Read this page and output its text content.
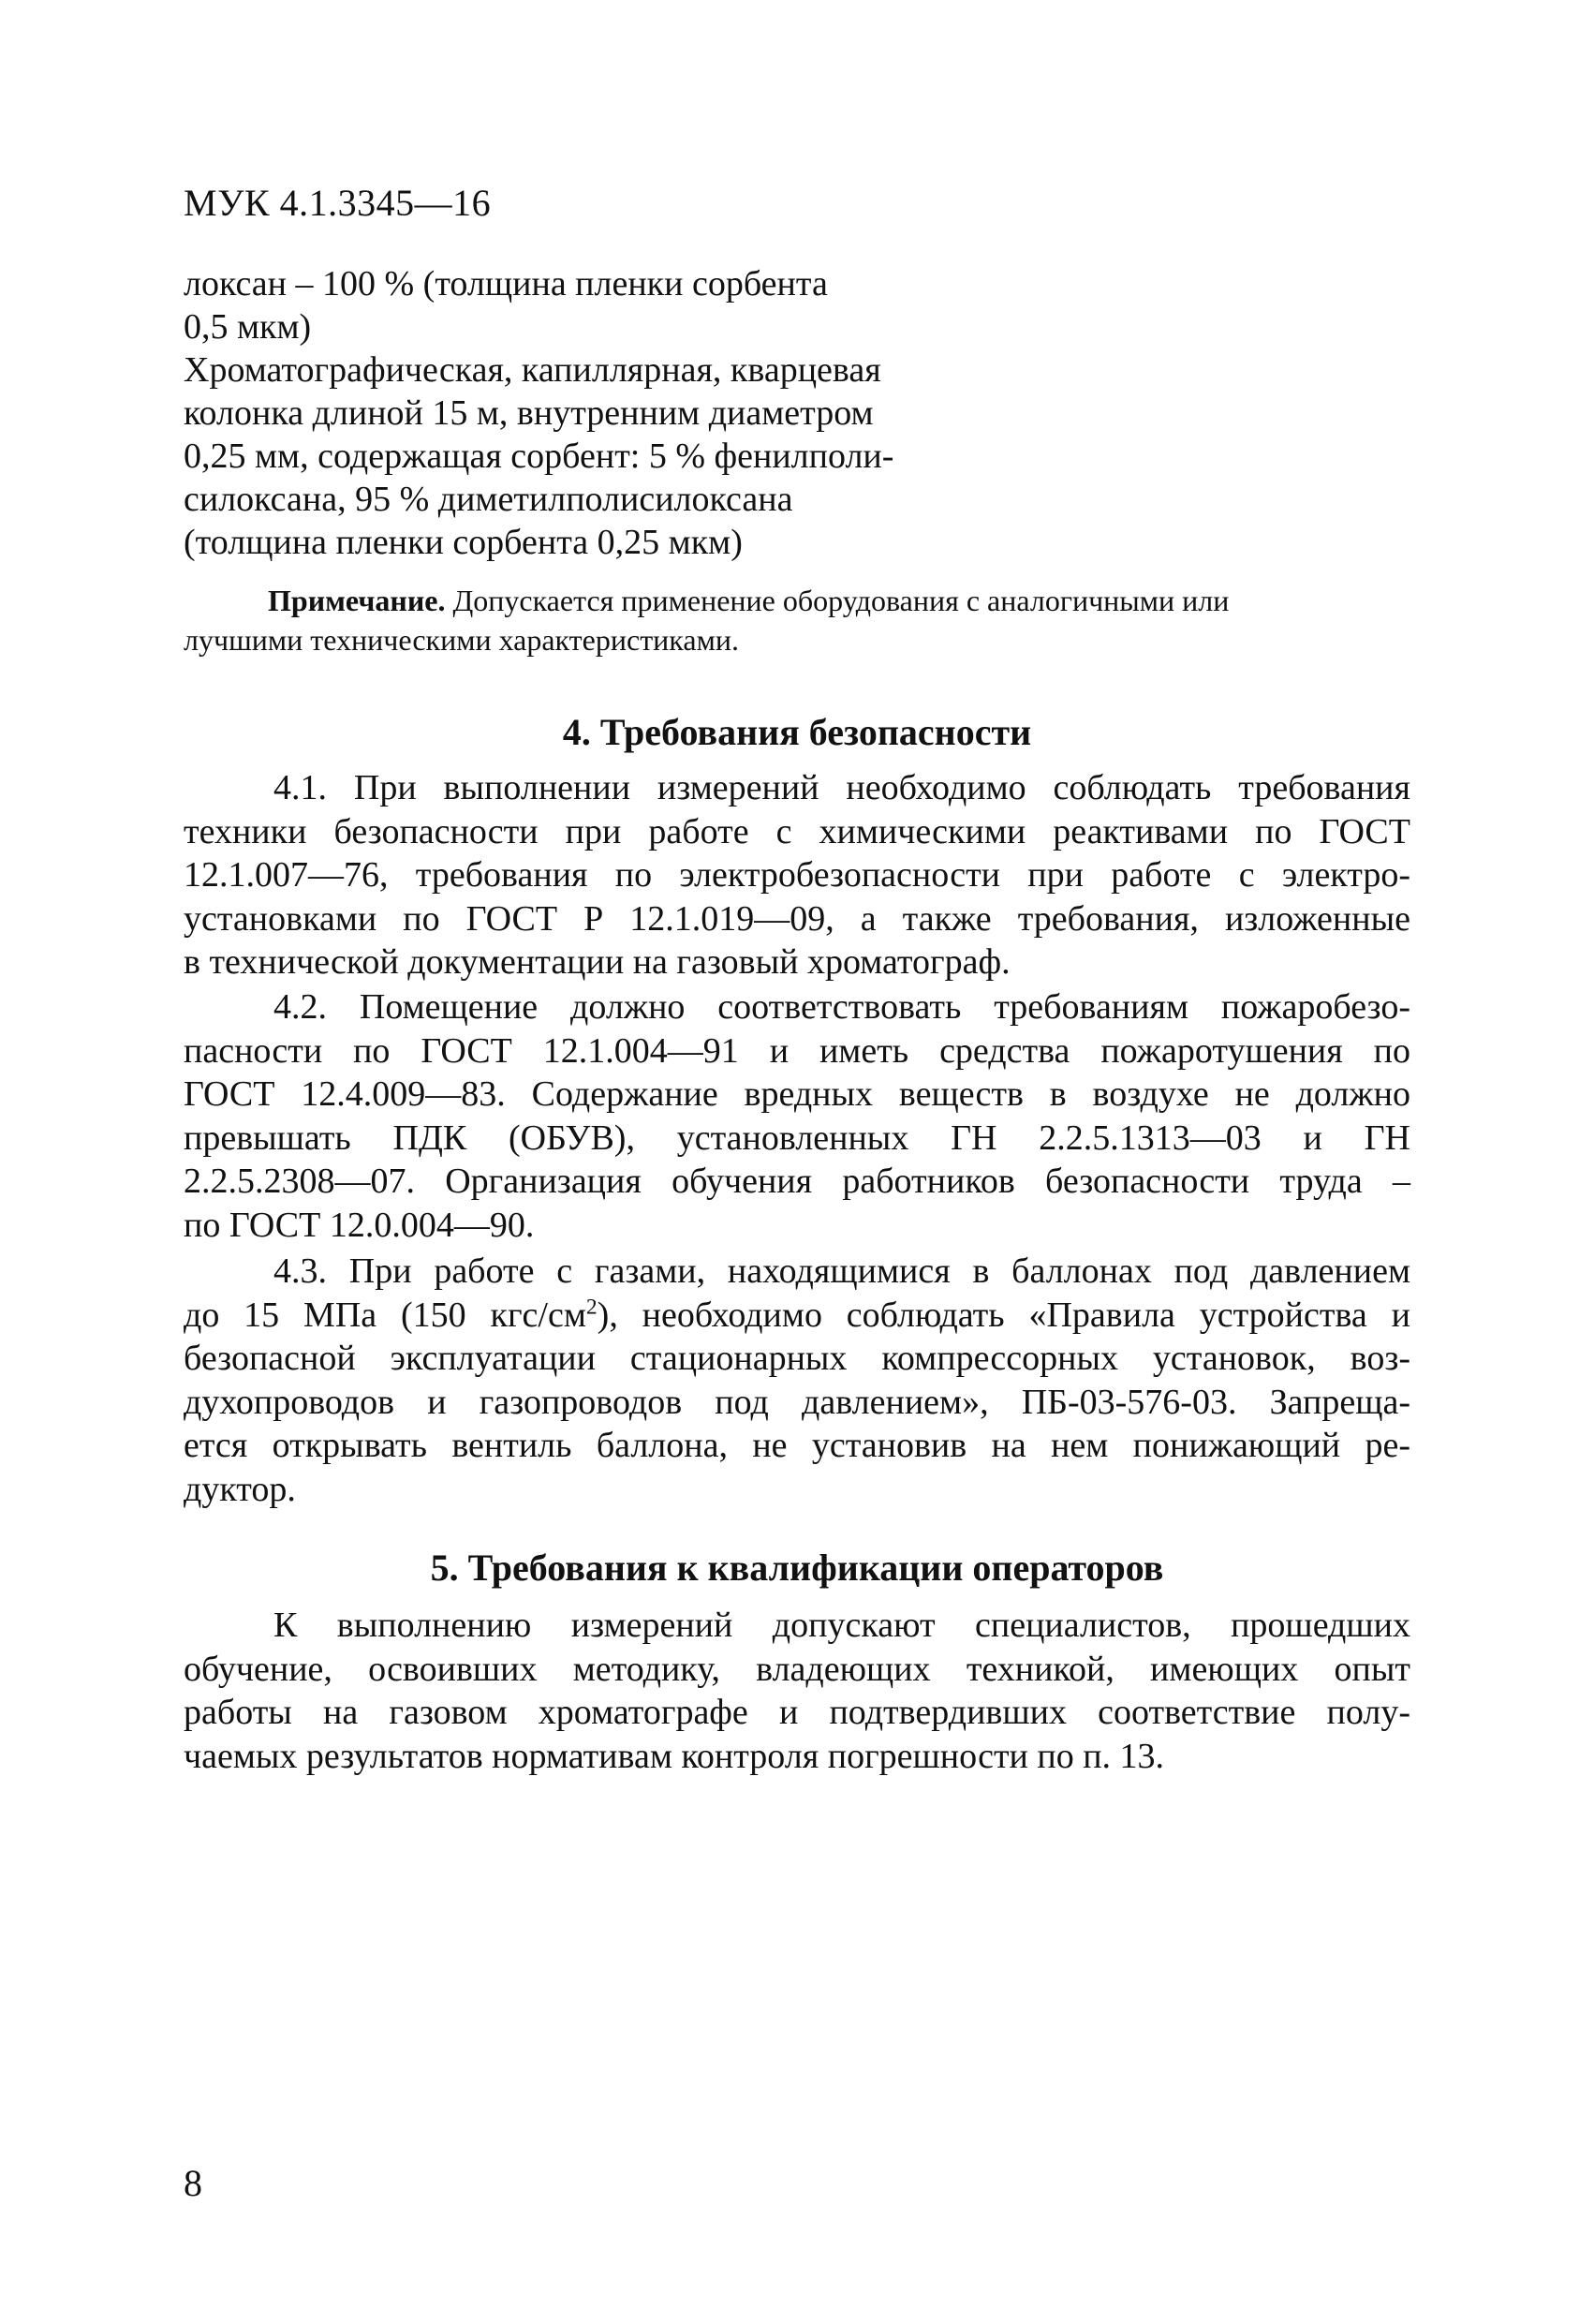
МУК 4.1.3345—16
локсан – 100 % (толщина пленки сорбента
0,5 мкм)
Хроматографическая, капиллярная, кварцевая
колонка длиной 15 м, внутренним диаметром
0,25 мм, содержащая сорбент: 5 % фенилполи-
силоксана, 95 % диметилполисилоксана
(толщина пленки сорбента 0,25 мкм)
Примечание. Допускается применение оборудования с аналогичными или
лучшими техническими характеристиками.
4. Требования безопасности
4.1. При выполнении измерений необходимо соблюдать требования
техники безопасности при работе с химическими реактивами по ГОСТ
12.1.007—76, требования по электробезопасности при работе с электро-
установками по ГОСТ Р 12.1.019—09, а также требования, изложенные
в технической документации на газовый хроматограф.
4.2. Помещение должно соответствовать требованиям пожаробезо-
пасности по ГОСТ 12.1.004—91 и иметь средства пожаротушения по
ГОСТ 12.4.009—83. Содержание вредных веществ в воздухе не должно
превышать ПДК (ОБУВ), установленных ГН 2.2.5.1313—03 и ГН
2.2.5.2308—07. Организация обучения работников безопасности труда –
по ГОСТ 12.0.004—90.
4.3. При работе с газами, находящимися в баллонах под давлением
до 15 МПа (150 кгс/$см^2$), необходимо соблюдать «Правила устройства и
безопасной эксплуатации стационарных компрессорных установок, воз-
духопроводов и газопроводов под давлением», ПБ-03-576-03. Запреща-
ется открывать вентиль баллона, не установив на нем понижающий ре-
дуктор.
5. Требования к квалификации операторов
К выполнению измерений допускают специалистов, прошедших
обучение, освоивших методику, владеющих техникой, имеющих опыт
работы на газовом хроматографе и подтвердивших соответствие полу-
чаемых результатов нормативам контроля погрешности по п. 13.
8
